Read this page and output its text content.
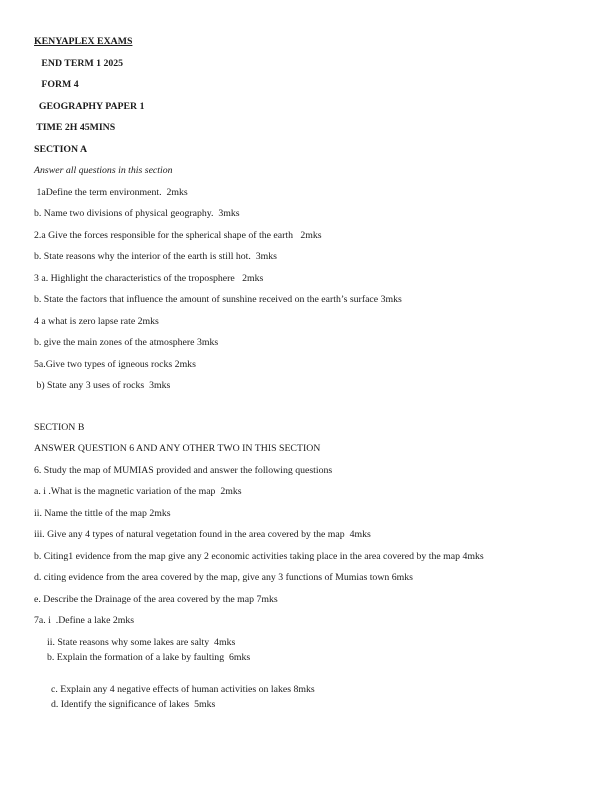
KENYAPLEX EXAMS

END TERM 1 2025

FORM 4

GEOGRAPHY PAPER 1

TIME 2H 45MINS

SECTION A

Answer all questions in this section

1aDefine the term environment.  2mks

b. Name two divisions of physical geography.  3mks

2.a Give the forces responsible for the spherical shape of the earth   2mks

b. State reasons why the interior of the earth is still hot.  3mks

3 a. Highlight the characteristics of the troposphere   2mks

b. State the factors that influence the amount of sunshine received on the earth’s surface 3mks

4 a what is zero lapse rate 2mks

b. give the main zones of the atmosphere 3mks

5a.Give two types of igneous rocks 2mks

b) State any 3 uses of rocks  3mks

SECTION B

ANSWER QUESTION 6 AND ANY OTHER TWO IN THIS SECTION

6. Study the map of MUMIAS provided and answer the following questions

a. i .What is the magnetic variation of the map  2mks

ii. Name the tittle of the map 2mks

iii. Give any 4 types of natural vegetation found in the area covered by the map  4mks

b. Citing1 evidence from the map give any 2 economic activities taking place in the area covered by the map 4mks

d. citing evidence from the area covered by the map, give any 3 functions of Mumias town 6mks

e. Describe the Drainage of the area covered by the map 7mks

7a. i  .Define a lake 2mks

ii. State reasons why some lakes are salty  4mks

b. Explain the formation of a lake by faulting  6mks

c. Explain any 4 negative effects of human activities on lakes 8mks

d. Identify the significance of lakes  5mks
